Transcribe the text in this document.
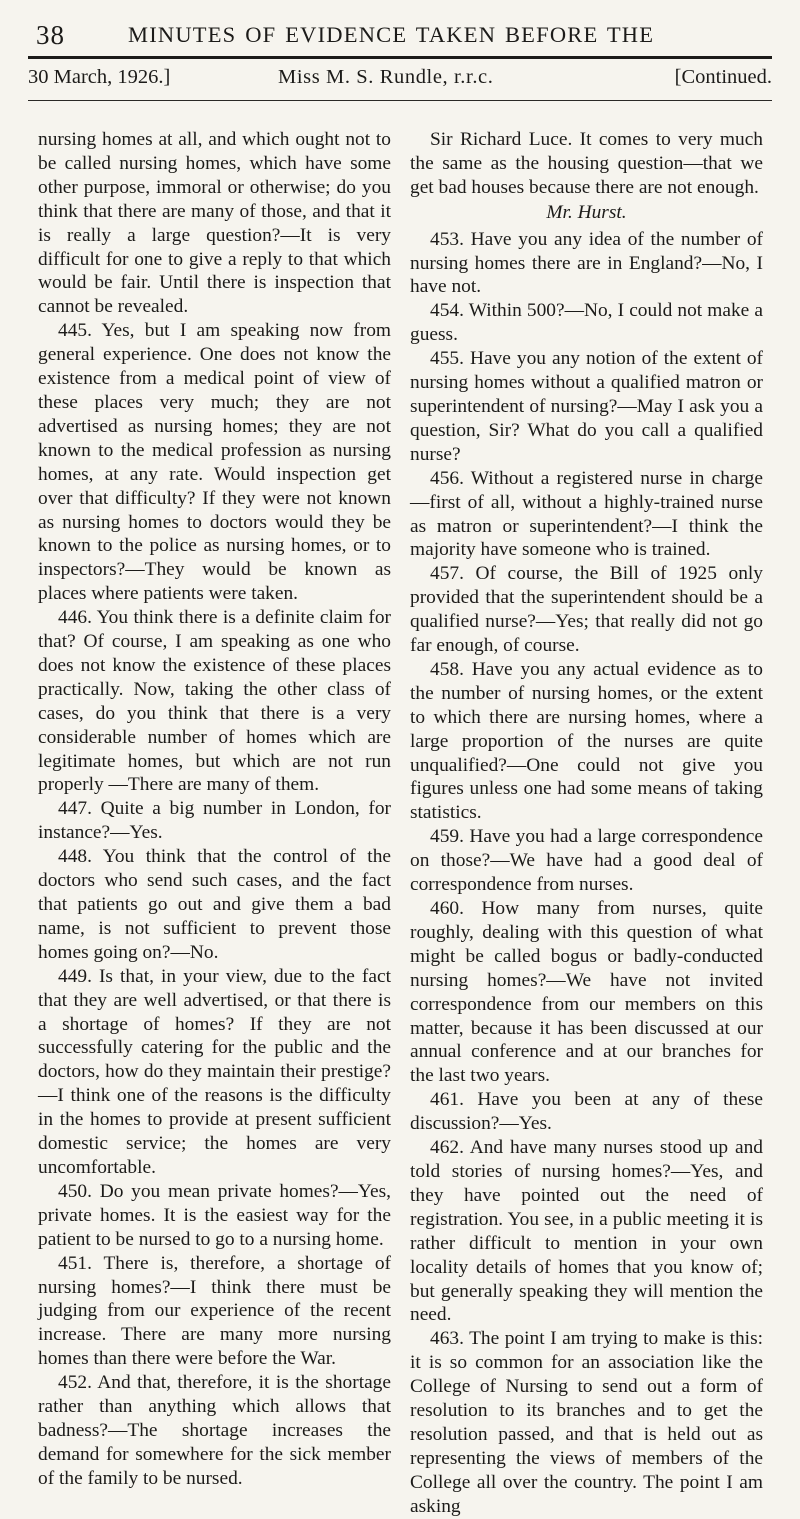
38	MINUTES OF EVIDENCE TAKEN BEFORE THE
30 March, 1926.]	Miss M. S. Rundle, r.r.c.	[Continued.

nursing homes at all, and which ought not to be called nursing homes, which have some other purpose, immoral or otherwise; do you think that there are many of those, and that it is really a large question?—It is very difficult for one to give a reply to that which would be fair. Until there is inspection that cannot be revealed.

445. Yes, but I am speaking now from general experience. One does not know the existence from a medical point of view of these places very much; they are not advertised as nursing homes; they are not known to the medical profession as nursing homes, at any rate. Would inspection get over that difficulty? If they were not known as nursing homes to doctors would they be known to the police as nursing homes, or to inspectors?—They would be known as places where patients were taken.

446. You think there is a definite claim for that? Of course, I am speaking as one who does not know the existence of these places practically. Now, taking the other class of cases, do you think that there is a very considerable number of homes which are legitimate homes, but which are not run properly —There are many of them.

447. Quite a big number in London, for instance?—Yes.

448. You think that the control of the doctors who send such cases, and the fact that patients go out and give them a bad name, is not sufficient to prevent those homes going on?—No.

449. Is that, in your view, due to the fact that they are well advertised, or that there is a shortage of homes? If they are not successfully catering for the public and the doctors, how do they maintain their prestige?—I think one of the reasons is the difficulty in the homes to provide at present sufficient domestic service; the homes are very uncomfortable.

450. Do you mean private homes?—Yes, private homes. It is the easiest way for the patient to be nursed to go to a nursing home.

451. There is, therefore, a shortage of nursing homes?—I think there must be judging from our experience of the recent increase. There are many more nursing homes than there were before the War.

452. And that, therefore, it is the shortage rather than anything which allows that badness?—The shortage increases the demand for somewhere for the sick member of the family to be nursed.

Sir Richard Luce. It comes to very much the same as the housing question—that we get bad houses because there are not enough.

Mr. Hurst.

453. Have you any idea of the number of nursing homes there are in England?—No, I have not.

454. Within 500?—No, I could not make a guess.

455. Have you any notion of the extent of nursing homes without a qualified matron or superintendent of nursing?—May I ask you a question, Sir? What do you call a qualified nurse?

456. Without a registered nurse in charge—first of all, without a highly-trained nurse as matron or superintendent?—I think the majority have someone who is trained.

457. Of course, the Bill of 1925 only provided that the superintendent should be a qualified nurse?—Yes; that really did not go far enough, of course.

458. Have you any actual evidence as to the number of nursing homes, or the extent to which there are nursing homes, where a large proportion of the nurses are quite unqualified?—One could not give you figures unless one had some means of taking statistics.

459. Have you had a large correspondence on those?—We have had a good deal of correspondence from nurses.

460. How many from nurses, quite roughly, dealing with this question of what might be called bogus or badly-conducted nursing homes?—We have not invited correspondence from our members on this matter, because it has been discussed at our annual conference and at our branches for the last two years.

461. Have you been at any of these discussion?—Yes.

462. And have many nurses stood up and told stories of nursing homes?—Yes, and they have pointed out the need of registration. You see, in a public meeting it is rather difficult to mention in your own locality details of homes that you know of; but generally speaking they will mention the need.

463. The point I am trying to make is this: it is so common for an association like the College of Nursing to send out a form of resolution to its branches and to get the resolution passed, and that is held out as representing the views of members of the College all over the country. The point I am asking
